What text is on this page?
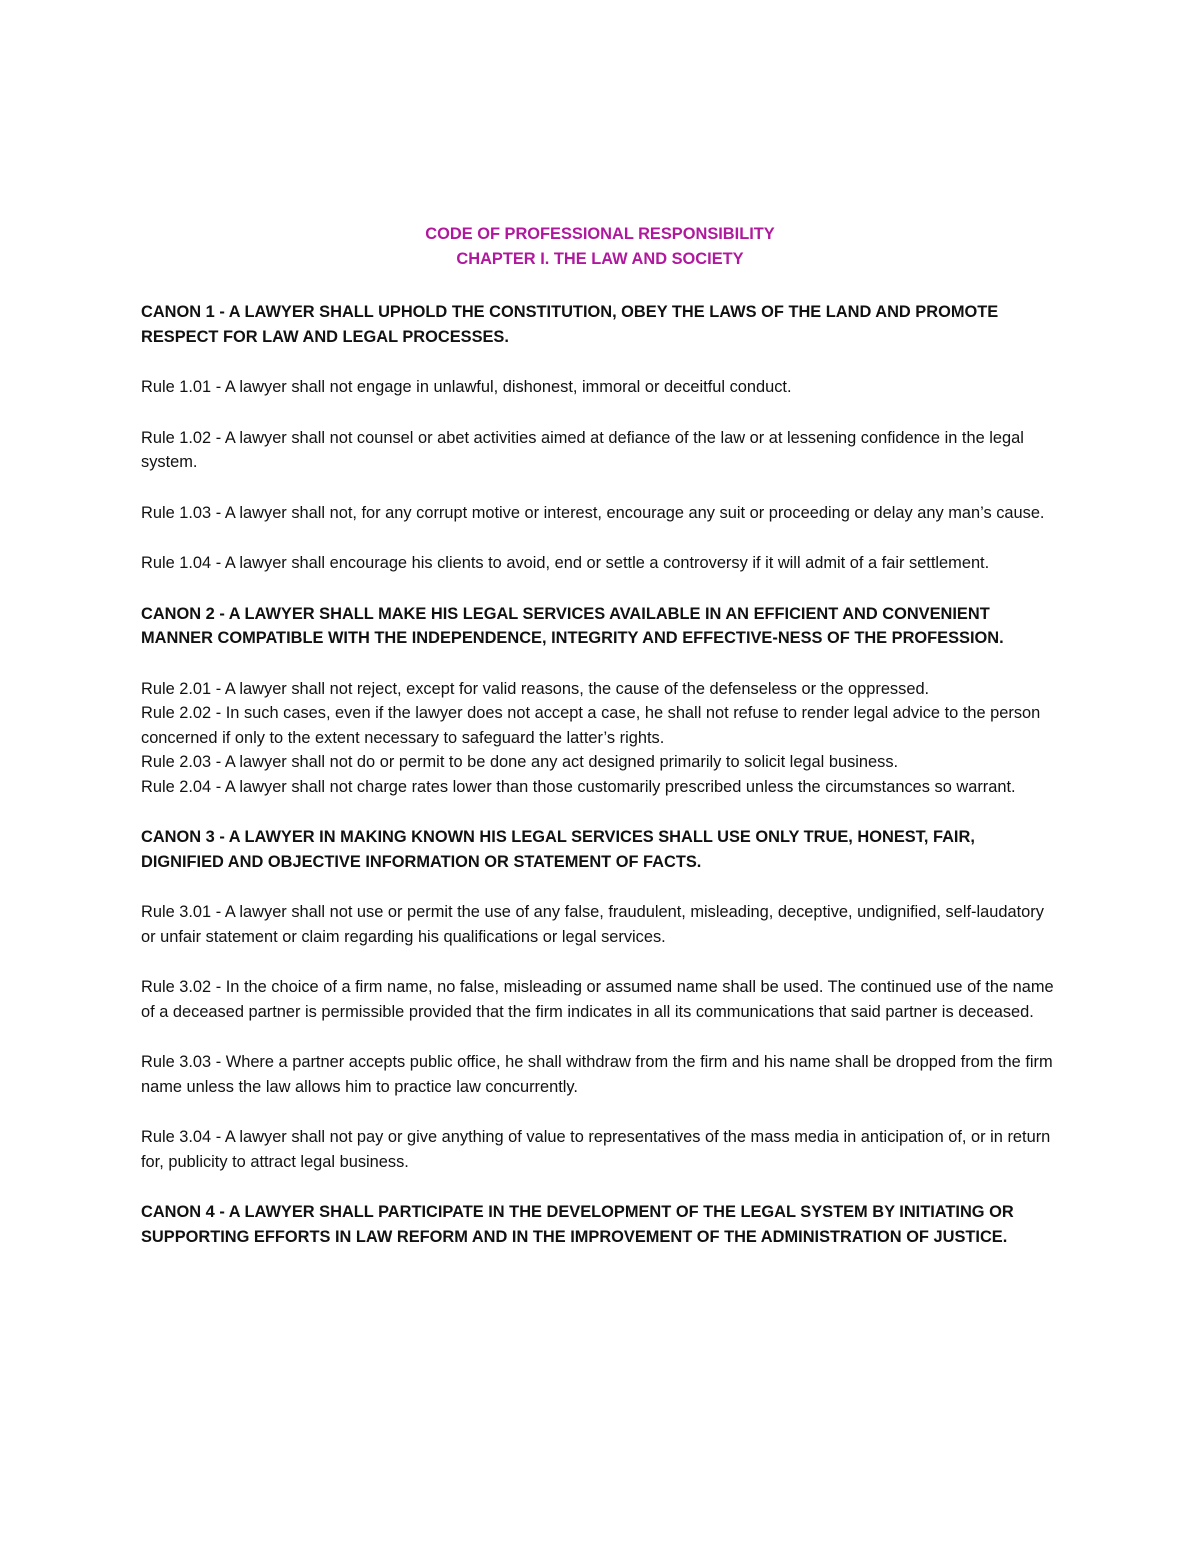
CODE OF PROFESSIONAL RESPONSIBILITY
CHAPTER I. THE LAW AND SOCIETY

CANON 1 - A LAWYER SHALL UPHOLD THE CONSTITUTION, OBEY THE LAWS OF THE LAND AND PROMOTE RESPECT FOR LAW AND LEGAL PROCESSES.

Rule 1.01 - A lawyer shall not engage in unlawful, dishonest, immoral or deceitful conduct.

Rule 1.02 - A lawyer shall not counsel or abet activities aimed at defiance of the law or at lessening confidence in the legal system.

Rule 1.03 - A lawyer shall not, for any corrupt motive or interest, encourage any suit or proceeding or delay any man’s cause.

Rule 1.04 - A lawyer shall encourage his clients to avoid, end or settle a controversy if it will admit of a fair settlement.

CANON 2 - A LAWYER SHALL MAKE HIS LEGAL SERVICES AVAILABLE IN AN EFFICIENT AND CONVENIENT MANNER COMPATIBLE WITH THE INDEPENDENCE, INTEGRITY AND EFFECTIVE-NESS OF THE PROFESSION.

Rule 2.01 - A lawyer shall not reject, except for valid reasons, the cause of the defenseless or the oppressed.

Rule 2.02 - In such cases, even if the lawyer does not accept a case, he shall not refuse to render legal advice to the person concerned if only to the extent necessary to safeguard the latter’s rights.

Rule 2.03 - A lawyer shall not do or permit to be done any act designed primarily to solicit legal business.

Rule 2.04 - A lawyer shall not charge rates lower than those customarily prescribed unless the circumstances so warrant.

CANON 3 - A LAWYER IN MAKING KNOWN HIS LEGAL SERVICES SHALL USE ONLY TRUE, HONEST, FAIR, DIGNIFIED AND OBJECTIVE INFORMATION OR STATEMENT OF FACTS.

Rule 3.01 - A lawyer shall not use or permit the use of any false, fraudulent, misleading, deceptive, undignified, self-laudatory or unfair statement or claim regarding his qualifications or legal services.

Rule 3.02 - In the choice of a firm name, no false, misleading or assumed name shall be used. The continued use of the name of a deceased partner is permissible provided that the firm indicates in all its communications that said partner is deceased.

Rule 3.03 - Where a partner accepts public office, he shall withdraw from the firm and his name shall be dropped from the firm name unless the law allows him to practice law concurrently.

Rule 3.04 - A lawyer shall not pay or give anything of value to representatives of the mass media in anticipation of, or in return for, publicity to attract legal business.

CANON 4 - A LAWYER SHALL PARTICIPATE IN THE DEVELOPMENT OF THE LEGAL SYSTEM BY INITIATING OR SUPPORTING EFFORTS IN LAW REFORM AND IN THE IMPROVEMENT OF THE ADMINISTRATION OF JUSTICE.
